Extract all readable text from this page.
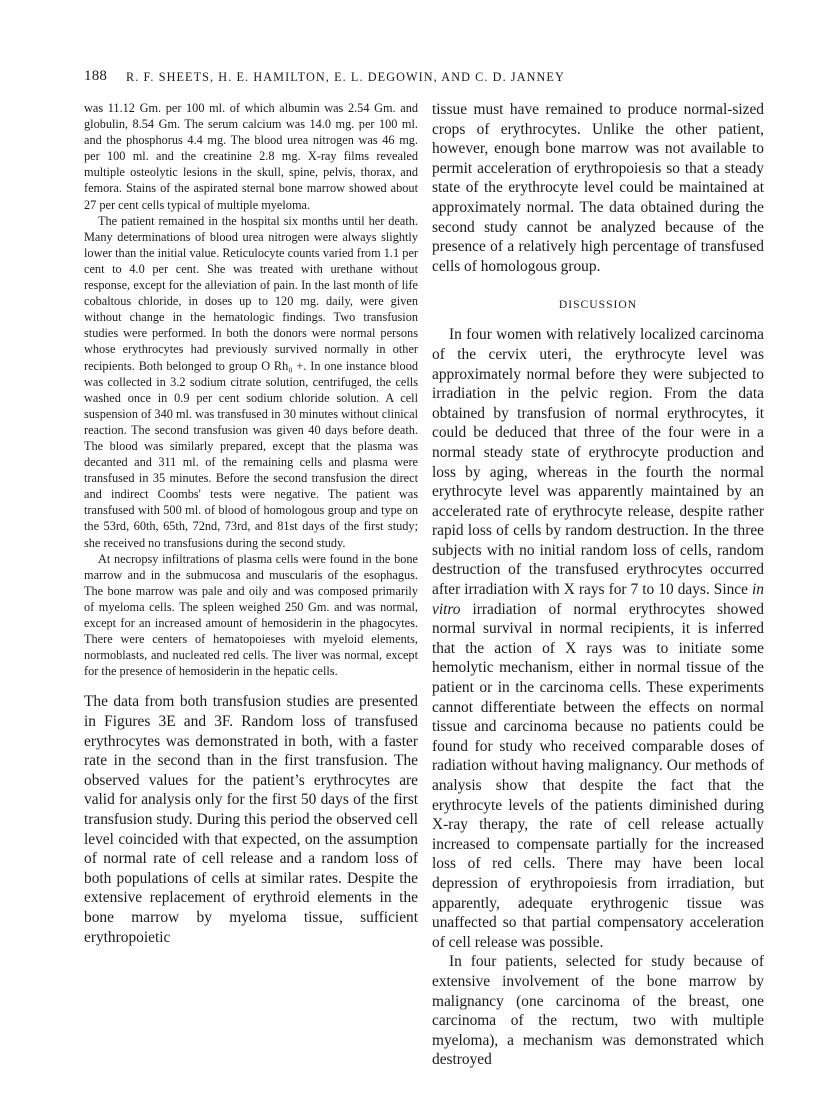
188 R. F. SHEETS, H. E. HAMILTON, E. L. DEGOWIN, AND C. D. JANNEY

was 11.12 Gm. per 100 ml. of which albumin was 2.54 Gm. and globulin, 8.54 Gm. The serum calcium was 14.0 mg. per 100 ml. and the phosphorus 4.4 mg. The blood urea nitrogen was 46 mg. per 100 ml. and the creatinine 2.8 mg. X-ray films revealed multiple osteolytic lesions in the skull, spine, pelvis, thorax, and femora. Stains of the aspirated sternal bone marrow showed about 27 per cent cells typical of multiple myeloma.

The patient remained in the hospital six months until her death. Many determinations of blood urea nitrogen were always slightly lower than the initial value. Reticulocyte counts varied from 1.1 per cent to 4.0 per cent. She was treated with urethane without response, except for the alleviation of pain. In the last month of life cobaltous chloride, in doses up to 120 mg. daily, were given without change in the hematologic findings. Two transfusion studies were performed. In both the donors were normal persons whose erythrocytes had previously survived normally in other recipients. Both belonged to group O Rh₀ +. In one instance blood was collected in 3.2 sodium citrate solution, centrifuged, the cells washed once in 0.9 per cent sodium chloride solution. A cell suspension of 340 ml. was transfused in 30 minutes without clinical reaction. The second transfusion was given 40 days before death. The blood was similarly prepared, except that the plasma was decanted and 311 ml. of the remaining cells and plasma were transfused in 35 minutes. Before the second transfusion the direct and indirect Coombs' tests were negative. The patient was transfused with 500 ml. of blood of homologous group and type on the 53rd, 60th, 65th, 72nd, 73rd, and 81st days of the first study; she received no transfusions during the second study.

At necropsy infiltrations of plasma cells were found in the bone marrow and in the submucosa and muscularis of the esophagus. The bone marrow was pale and oily and was composed primarily of myeloma cells. The spleen weighed 250 Gm. and was normal, except for an increased amount of hemosiderin in the phagocytes. There were centers of hematopoieses with myeloid elements, normoblasts, and nucleated red cells. The liver was normal, except for the presence of hemosiderin in the hepatic cells.

The data from both transfusion studies are presented in Figures 3E and 3F. Random loss of transfused erythrocytes was demonstrated in both, with a faster rate in the second than in the first transfusion. The observed values for the patient’s erythrocytes are valid for analysis only for the first 50 days of the first transfusion study. During this period the observed cell level coincided with that expected, on the assumption of normal rate of cell release and a random loss of both populations of cells at similar rates. Despite the extensive replacement of erythroid elements in the bone marrow by myeloma tissue, sufficient erythropoietic

tissue must have remained to produce normal-sized crops of erythrocytes. Unlike the other patient, however, enough bone marrow was not available to permit acceleration of erythropoiesis so that a steady state of the erythrocyte level could be maintained at approximately normal. The data obtained during the second study cannot be analyzed because of the presence of a relatively high percentage of transfused cells of homologous group.

DISCUSSION

In four women with relatively localized carcinoma of the cervix uteri, the erythrocyte level was approximately normal before they were subjected to irradiation in the pelvic region. From the data obtained by transfusion of normal erythrocytes, it could be deduced that three of the four were in a normal steady state of erythrocyte production and loss by aging, whereas in the fourth the normal erythrocyte level was apparently maintained by an accelerated rate of erythrocyte release, despite rather rapid loss of cells by random destruction. In the three subjects with no initial random loss of cells, random destruction of the transfused erythrocytes occurred after irradiation with X rays for 7 to 10 days. Since in vitro irradiation of normal erythrocytes showed normal survival in normal recipients, it is inferred that the action of X rays was to initiate some hemolytic mechanism, either in normal tissue of the patient or in the carcinoma cells. These experiments cannot differentiate between the effects on normal tissue and carcinoma because no patients could be found for study who received comparable doses of radiation without having malignancy. Our methods of analysis show that despite the fact that the erythrocyte levels of the patients diminished during X-ray therapy, the rate of cell release actually increased to compensate partially for the increased loss of red cells. There may have been local depression of erythropoiesis from irradiation, but apparently, adequate erythrogenic tissue was unaffected so that partial compensatory acceleration of cell release was possible.

In four patients, selected for study because of extensive involvement of the bone marrow by malignancy (one carcinoma of the breast, one carcinoma of the rectum, two with multiple myeloma), a mechanism was demonstrated which destroyed
